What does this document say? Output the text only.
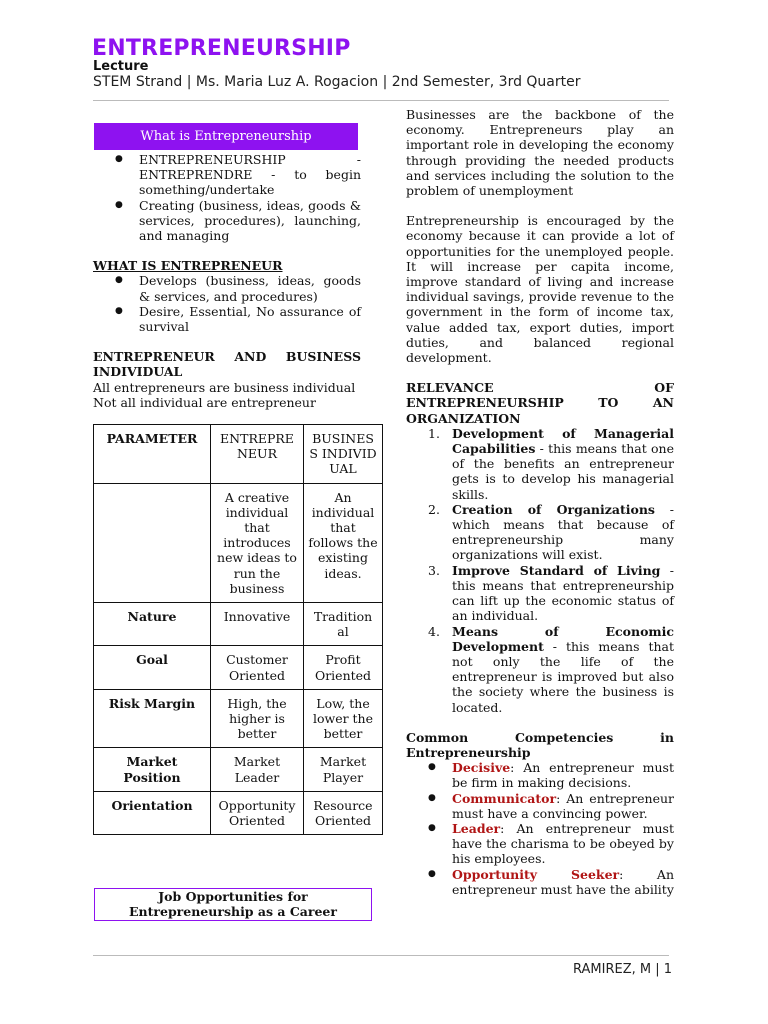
ENTREPRENEURSHIP
Lecture
STEM Strand | Ms. Maria Luz A. Rogacion | 2nd Semester, 3rd Quarter
What is Entrepreneurship
● ENTREPRENEURSHIP - ENTREPRENDRE - to begin something/undertake
● Creating (business, ideas, goods & services, procedures), launching, and managing
WHAT IS ENTREPRENEUR
● Develops (business, ideas, goods & services, and procedures)
● Desire, Essential, No assurance of survival
ENTREPRENEUR AND BUSINESS INDIVIDUAL
All entrepreneurs are business individual
Not all individual are entrepreneur
PARAMETER	ENTREPRE NEUR	BUSINES S INDIVID UAL
	A creative individual that introduces new ideas to run the business	An individual that follows the existing ideas.
Nature	Innovative	Tradition al
Goal	Customer Oriented	Profit Oriented
Risk Margin	High, the higher is better	Low, the lower the better
Market Position	Market Leader	Market Player
Orientation	Opportunity Oriented	Resource Oriented
Job Opportunities for Entrepreneurship as a Career
Businesses are the backbone of the economy. Entrepreneurs play an important role in developing the economy through providing the needed products and services including the solution to the problem of unemployment
Entrepreneurship is encouraged by the economy because it can provide a lot of opportunities for the unemployed people. It will increase per capita income, improve standard of living and increase individual savings, provide revenue to the government in the form of income tax, value added tax, export duties, import duties, and balanced regional development.
RELEVANCE OF ENTREPRENEURSHIP TO AN ORGANIZATION
1. Development of Managerial Capabilities - this means that one of the benefits an entrepreneur gets is to develop his managerial skills.
2. Creation of Organizations - which means that because of entrepreneurship many organizations will exist.
3. Improve Standard of Living - this means that entrepreneurship can lift up the economic status of an individual.
4. Means of Economic Development - this means that not only the life of the entrepreneur is improved but also the society where the business is located.
Common Competencies in Entrepreneurship
● Decisive: An entrepreneur must be firm in making decisions.
● Communicator: An entrepreneur must have a convincing power.
● Leader: An entrepreneur must have the charisma to be obeyed by his employees.
● Opportunity Seeker: An entrepreneur must have the ability
RAMIREZ, M | 1
